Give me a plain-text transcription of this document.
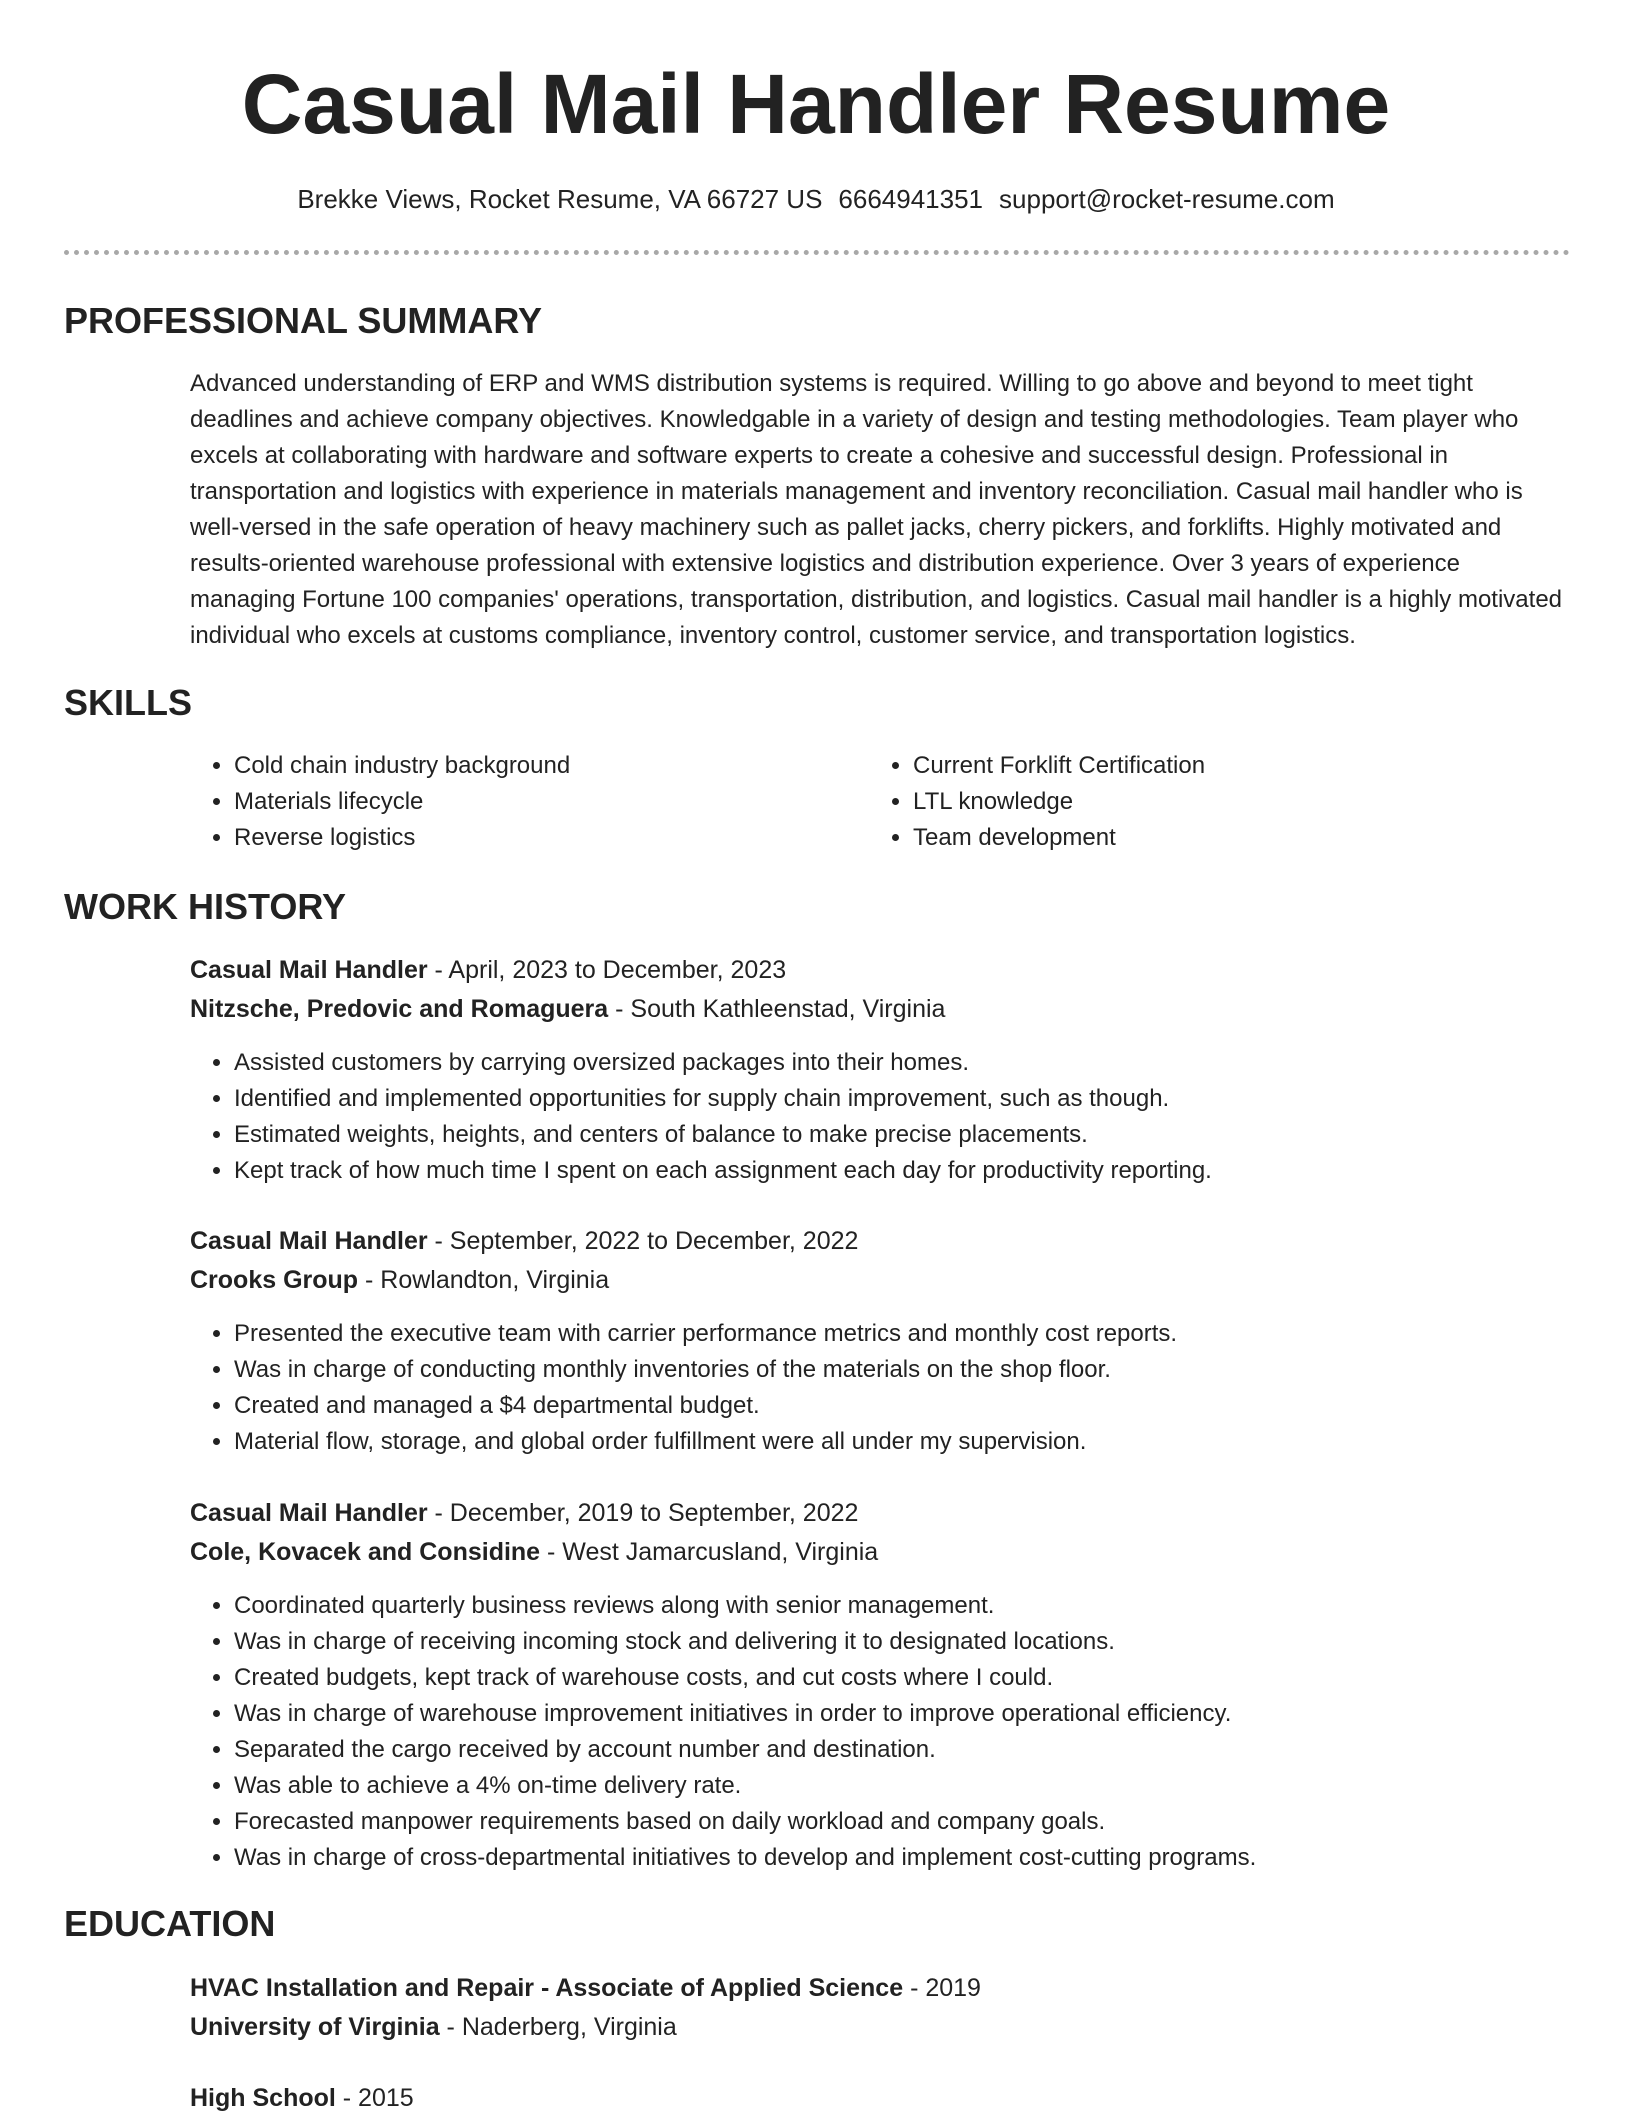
Casual Mail Handler Resume
Brekke Views, Rocket Resume, VA 66727 US 6664941351 support@rocket-resume.com
PROFESSIONAL SUMMARY
Advanced understanding of ERP and WMS distribution systems is required. Willing to go above and beyond to meet tight deadlines and achieve company objectives. Knowledgable in a variety of design and testing methodologies. Team player who excels at collaborating with hardware and software experts to create a cohesive and successful design. Professional in transportation and logistics with experience in materials management and inventory reconciliation. Casual mail handler who is well-versed in the safe operation of heavy machinery such as pallet jacks, cherry pickers, and forklifts. Highly motivated and results-oriented warehouse professional with extensive logistics and distribution experience. Over 3 years of experience managing Fortune 100 companies' operations, transportation, distribution, and logistics. Casual mail handler is a highly motivated individual who excels at customs compliance, inventory control, customer service, and transportation logistics.
SKILLS
• Cold chain industry background
• Materials lifecycle
• Reverse logistics
• Current Forklift Certification
• LTL knowledge
• Team development
WORK HISTORY
Casual Mail Handler - April, 2023 to December, 2023
Nitzsche, Predovic and Romaguera - South Kathleenstad, Virginia
• Assisted customers by carrying oversized packages into their homes.
• Identified and implemented opportunities for supply chain improvement, such as though.
• Estimated weights, heights, and centers of balance to make precise placements.
• Kept track of how much time I spent on each assignment each day for productivity reporting.
Casual Mail Handler - September, 2022 to December, 2022
Crooks Group - Rowlandton, Virginia
• Presented the executive team with carrier performance metrics and monthly cost reports.
• Was in charge of conducting monthly inventories of the materials on the shop floor.
• Created and managed a $4 departmental budget.
• Material flow, storage, and global order fulfillment were all under my supervision.
Casual Mail Handler - December, 2019 to September, 2022
Cole, Kovacek and Considine - West Jamarcusland, Virginia
• Coordinated quarterly business reviews along with senior management.
• Was in charge of receiving incoming stock and delivering it to designated locations.
• Created budgets, kept track of warehouse costs, and cut costs where I could.
• Was in charge of warehouse improvement initiatives in order to improve operational efficiency.
• Separated the cargo received by account number and destination.
• Was able to achieve a 4% on-time delivery rate.
• Forecasted manpower requirements based on daily workload and company goals.
• Was in charge of cross-departmental initiatives to develop and implement cost-cutting programs.
EDUCATION
HVAC Installation and Repair - Associate of Applied Science - 2019
University of Virginia - Naderberg, Virginia
High School - 2015
